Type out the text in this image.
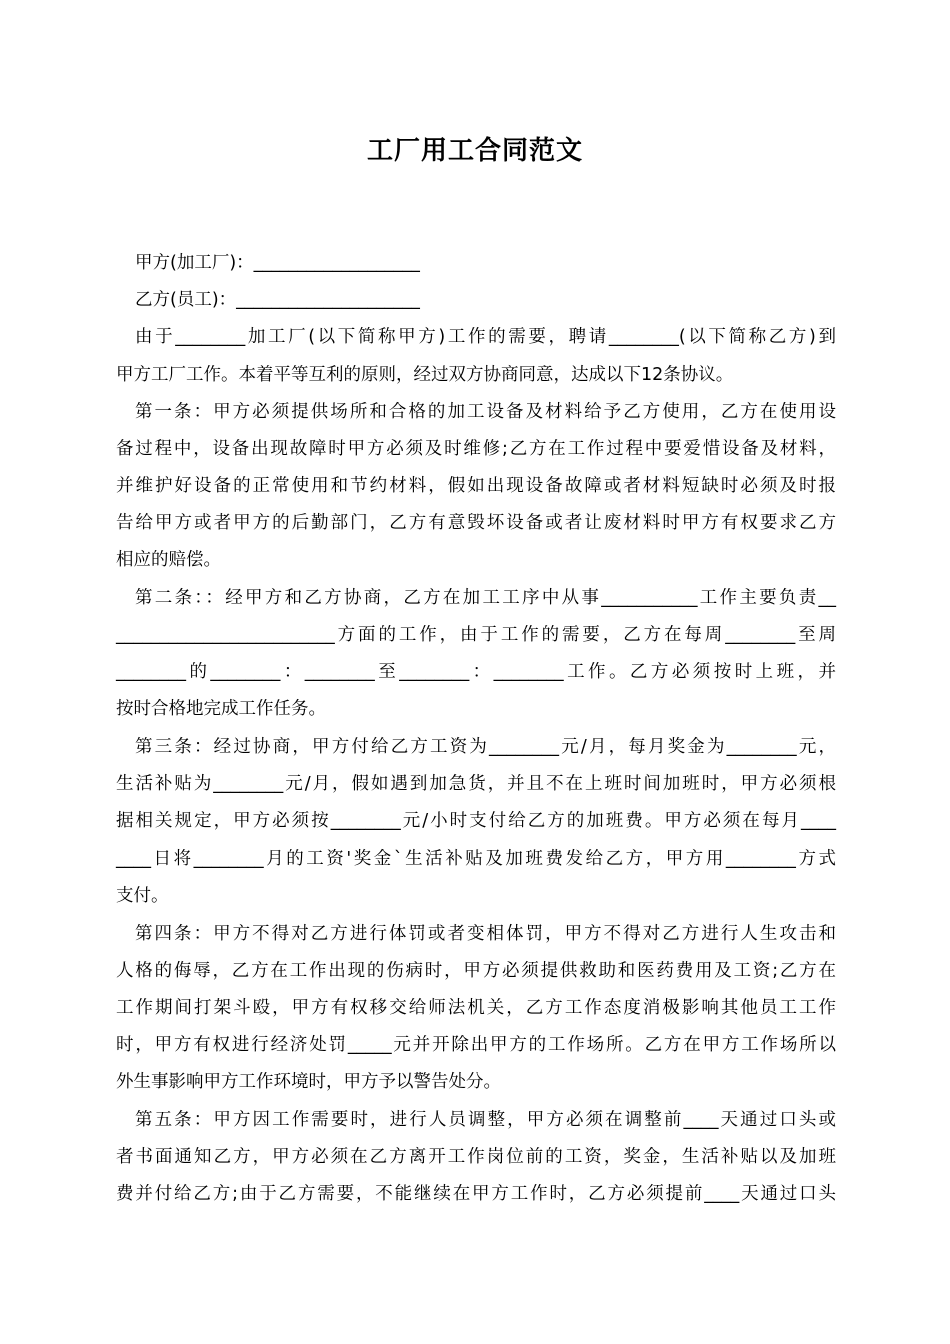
工厂用工合同范文
甲方(加工厂)：___________________
乙方(员工)：_____________________
由于________加工厂(以下简称甲方)工作的需要，聘请________(以下简称乙方)到
甲方工厂工作。本着平等互利的原则，经过双方协商同意，达成以下12条协议。
第一条：甲方必须提供场所和合格的加工设备及材料给予乙方使用，乙方在使用设
备过程中，设备出现故障时甲方必须及时维修;乙方在工作过程中要爱惜设备及材料，
并维护好设备的正常使用和节约材料，假如出现设备故障或者材料短缺时必须及时报
告给甲方或者甲方的后勤部门，乙方有意毁坏设备或者让废材料时甲方有权要求乙方
相应的赔偿。
第二条：：经甲方和乙方协商，乙方在加工工序中从事___________工作主要负责__
_________________________方面的工作，由于工作的需要，乙方在每周________至周
________的________：________至________：________工作。乙方必须按时上班，并
按时合格地完成工作任务。
第三条：经过协商，甲方付给乙方工资为________元/月，每月奖金为________元，
生活补贴为________元/月，假如遇到加急货，并且不在上班时间加班时，甲方必须根
据相关规定，甲方必须按________元/小时支付给乙方的加班费。甲方必须在每月____
____日将________月的工资'奖金`生活补贴及加班费发给乙方，甲方用________方式
支付。
第四条：甲方不得对乙方进行体罚或者变相体罚，甲方不得对乙方进行人生攻击和
人格的侮辱，乙方在工作出现的伤病时，甲方必须提供救助和医药费用及工资;乙方在
工作期间打架斗殴，甲方有权移交给师法机关，乙方工作态度消极影响其他员工工作
时，甲方有权进行经济处罚_____元并开除出甲方的工作场所。乙方在甲方工作场所以
外生事影响甲方工作环境时，甲方予以警告处分。
第五条：甲方因工作需要时，进行人员调整，甲方必须在调整前____天通过口头或
者书面通知乙方，甲方必须在乙方离开工作岗位前的工资，奖金，生活补贴以及加班
费并付给乙方;由于乙方需要，不能继续在甲方工作时，乙方必须提前____天通过口头
